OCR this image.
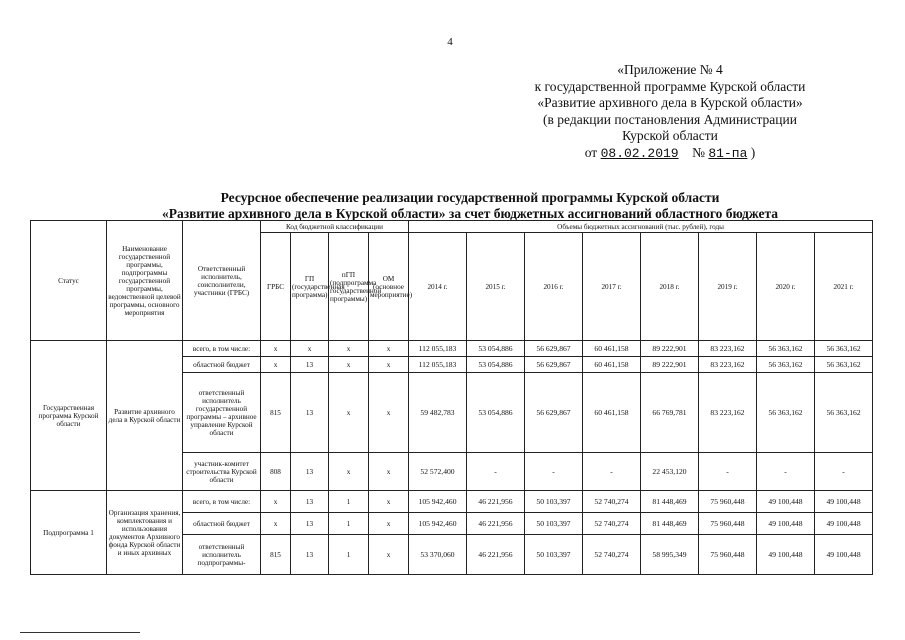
4
«Приложение № 4
к государственной программе Курской области
«Развитие архивного дела в Курской области»
(в редакции постановления Администрации
Курской области
от 08.02.2019 № 81-па )
Ресурсное обеспечение реализации государственной программы Курской области
«Развитие архивного дела в Курской области» за счет бюджетных ассигнований областного бюджета
Статус	Наименование государственной программы, подпрограммы государственной программы, ведомственной целевой программы, основного мероприятия	Ответственный исполнитель, соисполнители, участники (ГРБС)	Код бюджетной классификации				Объемы бюджетных ассигнований (тыс. рублей), годы							
			ГРБС	ГП (государственная программа)	пГП (подпрограмма государственной программы)	ОМ (основное мероприятие)	2014 г.	2015 г.	2016 г.	2017 г.	2018 г.	2019 г.	2020 г.	2021 г.
Государственная программа Курской области	Развитие архивного дела в Курской области	всего, в том числе:	х	х	х	х	112 055,183	53 054,886	56 629,867	60 461,158	89 222,901	83 223,162	56 363,162	56 363,162
		областной бюджет	х	13	х	х	112 055,183	53 054,886	56 629,867	60 461,158	89 222,901	83 223,162	56 363,162	56 363,162
		ответственный исполнитель государственной программы – архивное управление Курской области	815	13	х	х	59 482,783	53 054,886	56 629,867	60 461,158	66 769,781	83 223,162	56 363,162	56 363,162
		участник-комитет строительства Курской области	808	13	х	х	52 572,400	-	-	-	22 453,120	-	-	-
Подпрограмма 1	Организация хранения, комплектования и использования документов Архивного фонда Курской области и иных архивных	всего, в том числе:	х	13	1	х	105 942,460	46 221,956	50 103,397	52 740,274	81 448,469	75 960,448	49 100,448	49 100,448
		областной бюджет	х	13	1	х	105 942,460	46 221,956	50 103,397	52 740,274	81 448,469	75 960,448	49 100,448	49 100,448
		ответственный исполнитель подпрограммы-	815	13	1	х	53 370,060	46 221,956	50 103,397	52 740,274	58 995,349	75 960,448	49 100,448	49 100,448
